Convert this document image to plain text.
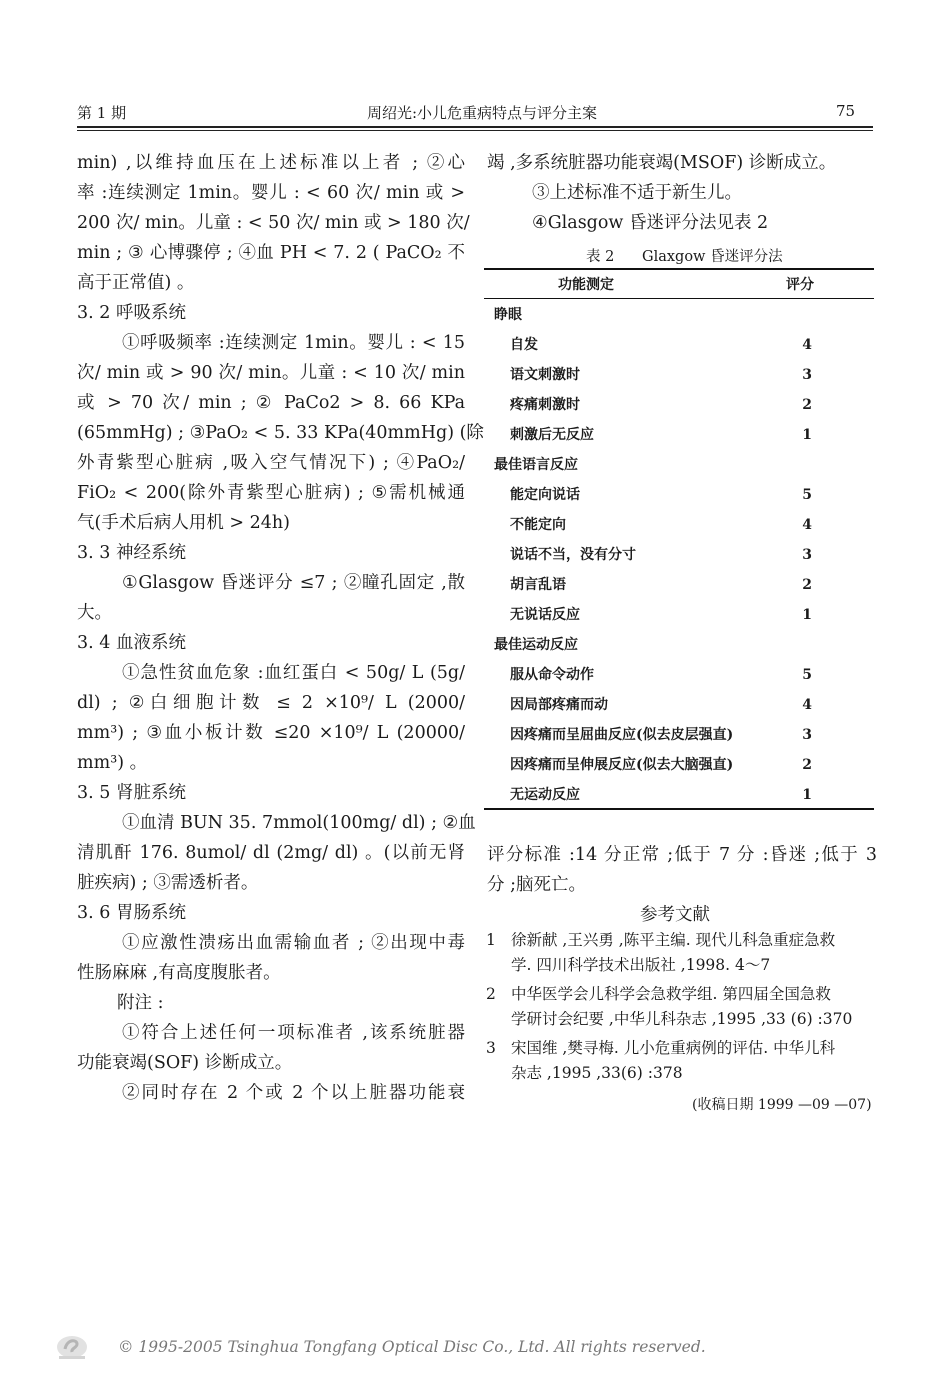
第 1 期	周绍光:小儿危重病特点与评分主案	75

min) ,以维持血压在上述标准以上者 ; ②心

率 :连续测定 1min。婴儿 : < 60 次/ min 或 >

200 次/ min。儿童 : < 50 次/ min 或 > 180 次/

min ; ③ 心博骤停 ; ④血 PH < 7. 2 ( PaCO₂ 不

高于正常值) 。

3. 2 呼吸系统

①呼吸频率 :连续测定 1min。婴儿 : < 15

次/ min 或 > 90 次/ min。儿童 : < 10 次/ min

或 > 70 次/ min ; ② PaCo2 > 8. 66 KPa

(65mmHg) ; ③PaO₂ < 5. 33 KPa(40mmHg) (除

外青紫型心脏病 ,吸入空气情况下) ; ④PaO₂/

FiO₂ < 200(除外青紫型心脏病) ; ⑤需机械通

气(手术后病人用机 > 24h)

3. 3 神经系统

①Glasgow 昏迷评分 ≤7 ; ②瞳孔固定 ,散

大。

3. 4 血液系统

①急性贫血危象 :血红蛋白 < 50g/ L (5g/

dl) ; ②白细胞计数 ≤ 2 ×10⁹/ L (2000/

mm³) ; ③血小板计数 ≤20 ×10⁹/ L (20000/

mm³) 。

3. 5 肾脏系统

①血清 BUN 35. 7mmol(100mg/ dl) ; ②血

清肌酐 176. 8umol/ dl (2mg/ dl) 。(以前无肾

脏疾病) ; ③需透析者。

3. 6 胃肠系统

①应激性溃疡出血需输血者 ; ②出现中毒

性肠麻麻 ,有高度腹胀者。

附注 :

①符合上述任何一项标准者 ,该系统脏器

功能衰竭(SOF) 诊断成立。

②同时存在 2 个或 2 个以上脏器功能衰

竭 ,多系统脏器功能衰竭(MSOF) 诊断成立。

③上述标准不适于新生儿。

④Glasgow 昏迷评分法见表 2

表 2 Glaxgow 昏迷评分法
功能测定	评分
睁眼
自发	4
语文刺激时	3
疼痛刺激时	2
刺激后无反应	1
最佳语言反应
能定向说话	5
不能定向	4
说话不当，没有分寸	3
胡言乱语	2
无说话反应	1
最佳运动反应
服从命令动作	5
因局部疼痛而动	4
因疼痛而呈屈曲反应(似去皮层强直)	3
因疼痛而呈伸展反应(似去大脑强直)	2
无运动反应	1

评分标准 :14 分正常 ;低于 7 分 :昏迷 ;低于 3

分 ;脑死亡。

参考文献
1 徐新献 ,王兴勇 ,陈平主编. 现代儿科急重症急救
学. 四川科学技术出版社 ,1998. 4～7
2 中华医学会儿科学会急救学组. 第四届全国急救
学研讨会纪要 ,中华儿科杂志 ,1995 ,33 (6) :370
3 宋国维 ,樊寻梅. 儿小危重病例的评估. 中华儿科
杂志 ,1995 ,33(6) :378
(收稿日期 1999 —09 —07)
© 1995-2005 Tsinghua Tongfang Optical Disc Co., Ltd. All rights reserved.
